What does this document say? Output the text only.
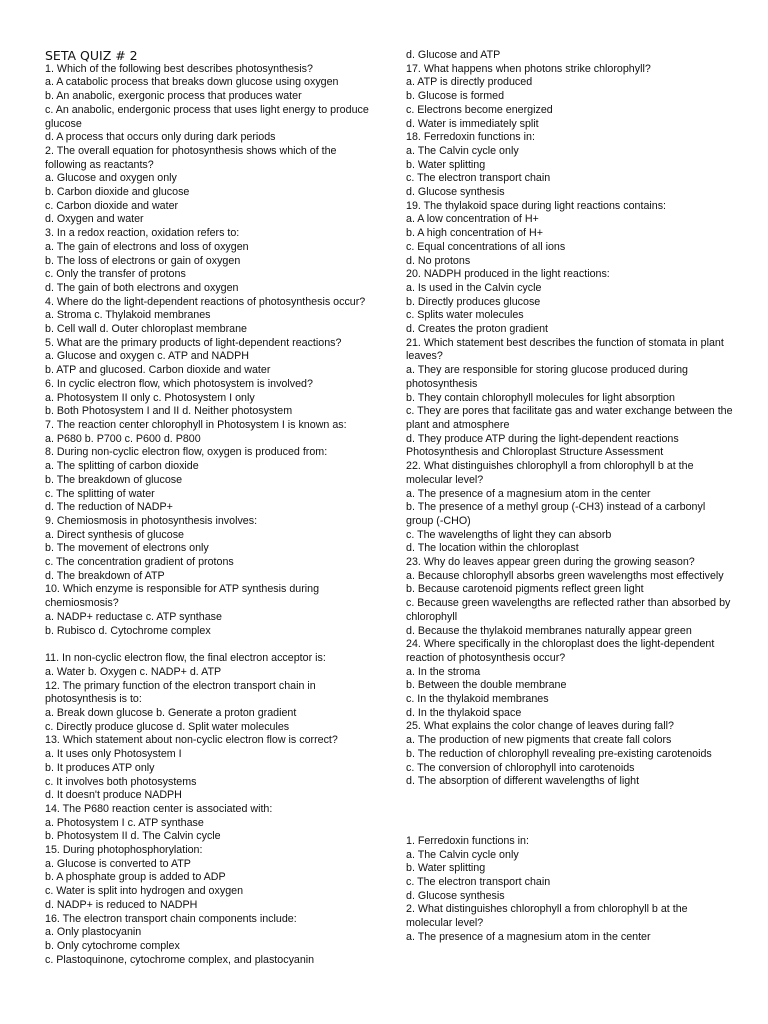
SETA QUIZ # 2
1. Which of the following best describes photosynthesis?
a. A catabolic process that breaks down glucose using oxygen
b. An anabolic, exergonic process that produces water
c. An anabolic, endergonic process that uses light energy to produce
glucose
d. A process that occurs only during dark periods
2. The overall equation for photosynthesis shows which of the
following as reactants?
a. Glucose and oxygen only
b. Carbon dioxide and glucose
c. Carbon dioxide and water
d. Oxygen and water
3. In a redox reaction, oxidation refers to:
a. The gain of electrons and loss of oxygen
b. The loss of electrons or gain of oxygen
c. Only the transfer of protons
d. The gain of both electrons and oxygen
4. Where do the light-dependent reactions of photosynthesis occur?
a. Stroma c. Thylakoid membranes
b. Cell wall d. Outer chloroplast membrane
5. What are the primary products of light-dependent reactions?
a. Glucose and oxygen c. ATP and NADPH
b. ATP and glucosed. Carbon dioxide and water
6. In cyclic electron flow, which photosystem is involved?
a. Photosystem II only c. Photosystem I only
b. Both Photosystem I and II d. Neither photosystem
7. The reaction center chlorophyll in Photosystem I is known as:
a. P680 b. P700 c. P600 d. P800
8. During non-cyclic electron flow, oxygen is produced from:
a. The splitting of carbon dioxide
b. The breakdown of glucose
c. The splitting of water
d. The reduction of NADP+
9. Chemiosmosis in photosynthesis involves:
a. Direct synthesis of glucose
b. The movement of electrons only
c. The concentration gradient of protons
d. The breakdown of ATP
10. Which enzyme is responsible for ATP synthesis during
chemiosmosis?
a. NADP+ reductase c. ATP synthase
b. Rubisco d. Cytochrome complex
11. In non-cyclic electron flow, the final electron acceptor is:
a. Water b. Oxygen c. NADP+ d. ATP
12. The primary function of the electron transport chain in
photosynthesis is to:
a. Break down glucose b. Generate a proton gradient
c. Directly produce glucose d. Split water molecules
13. Which statement about non-cyclic electron flow is correct?
a. It uses only Photosystem I
b. It produces ATP only
c. It involves both photosystems
d. It doesn't produce NADPH
14. The P680 reaction center is associated with:
a. Photosystem I c. ATP synthase
b. Photosystem II d. The Calvin cycle
15. During photophosphorylation:
a. Glucose is converted to ATP
b. A phosphate group is added to ADP
c. Water is split into hydrogen and oxygen
d. NADP+ is reduced to NADPH
16. The electron transport chain components include:
a. Only plastocyanin
b. Only cytochrome complex
c. Plastoquinone, cytochrome complex, and plastocyanin
d. Glucose and ATP
17. What happens when photons strike chlorophyll?
a. ATP is directly produced
b. Glucose is formed
c. Electrons become energized
d. Water is immediately split
18. Ferredoxin functions in:
a. The Calvin cycle only
b. Water splitting
c. The electron transport chain
d. Glucose synthesis
19. The thylakoid space during light reactions contains:
a. A low concentration of H+
b. A high concentration of H+
c. Equal concentrations of all ions
d. No protons
20. NADPH produced in the light reactions:
a. Is used in the Calvin cycle
b. Directly produces glucose
c. Splits water molecules
d. Creates the proton gradient
21. Which statement best describes the function of stomata in plant
leaves?
a. They are responsible for storing glucose produced during
photosynthesis
b. They contain chlorophyll molecules for light absorption
c. They are pores that facilitate gas and water exchange between the
plant and atmosphere
d. They produce ATP during the light-dependent reactions
Photosynthesis and Chloroplast Structure Assessment
22. What distinguishes chlorophyll a from chlorophyll b at the
molecular level?
a. The presence of a magnesium atom in the center
b. The presence of a methyl group (-CH3) instead of a carbonyl
group (-CHO)
c. The wavelengths of light they can absorb
d. The location within the chloroplast
23. Why do leaves appear green during the growing season?
a. Because chlorophyll absorbs green wavelengths most effectively
b. Because carotenoid pigments reflect green light
c. Because green wavelengths are reflected rather than absorbed by
chlorophyll
d. Because the thylakoid membranes naturally appear green
24. Where specifically in the chloroplast does the light-dependent
reaction of photosynthesis occur?
a. In the stroma
b. Between the double membrane
c. In the thylakoid membranes
d. In the thylakoid space
25. What explains the color change of leaves during fall?
a. The production of new pigments that create fall colors
b. The reduction of chlorophyll revealing pre-existing carotenoids
c. The conversion of chlorophyll into carotenoids
d. The absorption of different wavelengths of light
1. Ferredoxin functions in:
a. The Calvin cycle only
b. Water splitting
c. The electron transport chain
d. Glucose synthesis
2. What distinguishes chlorophyll a from chlorophyll b at the
molecular level?
a. The presence of a magnesium atom in the center
